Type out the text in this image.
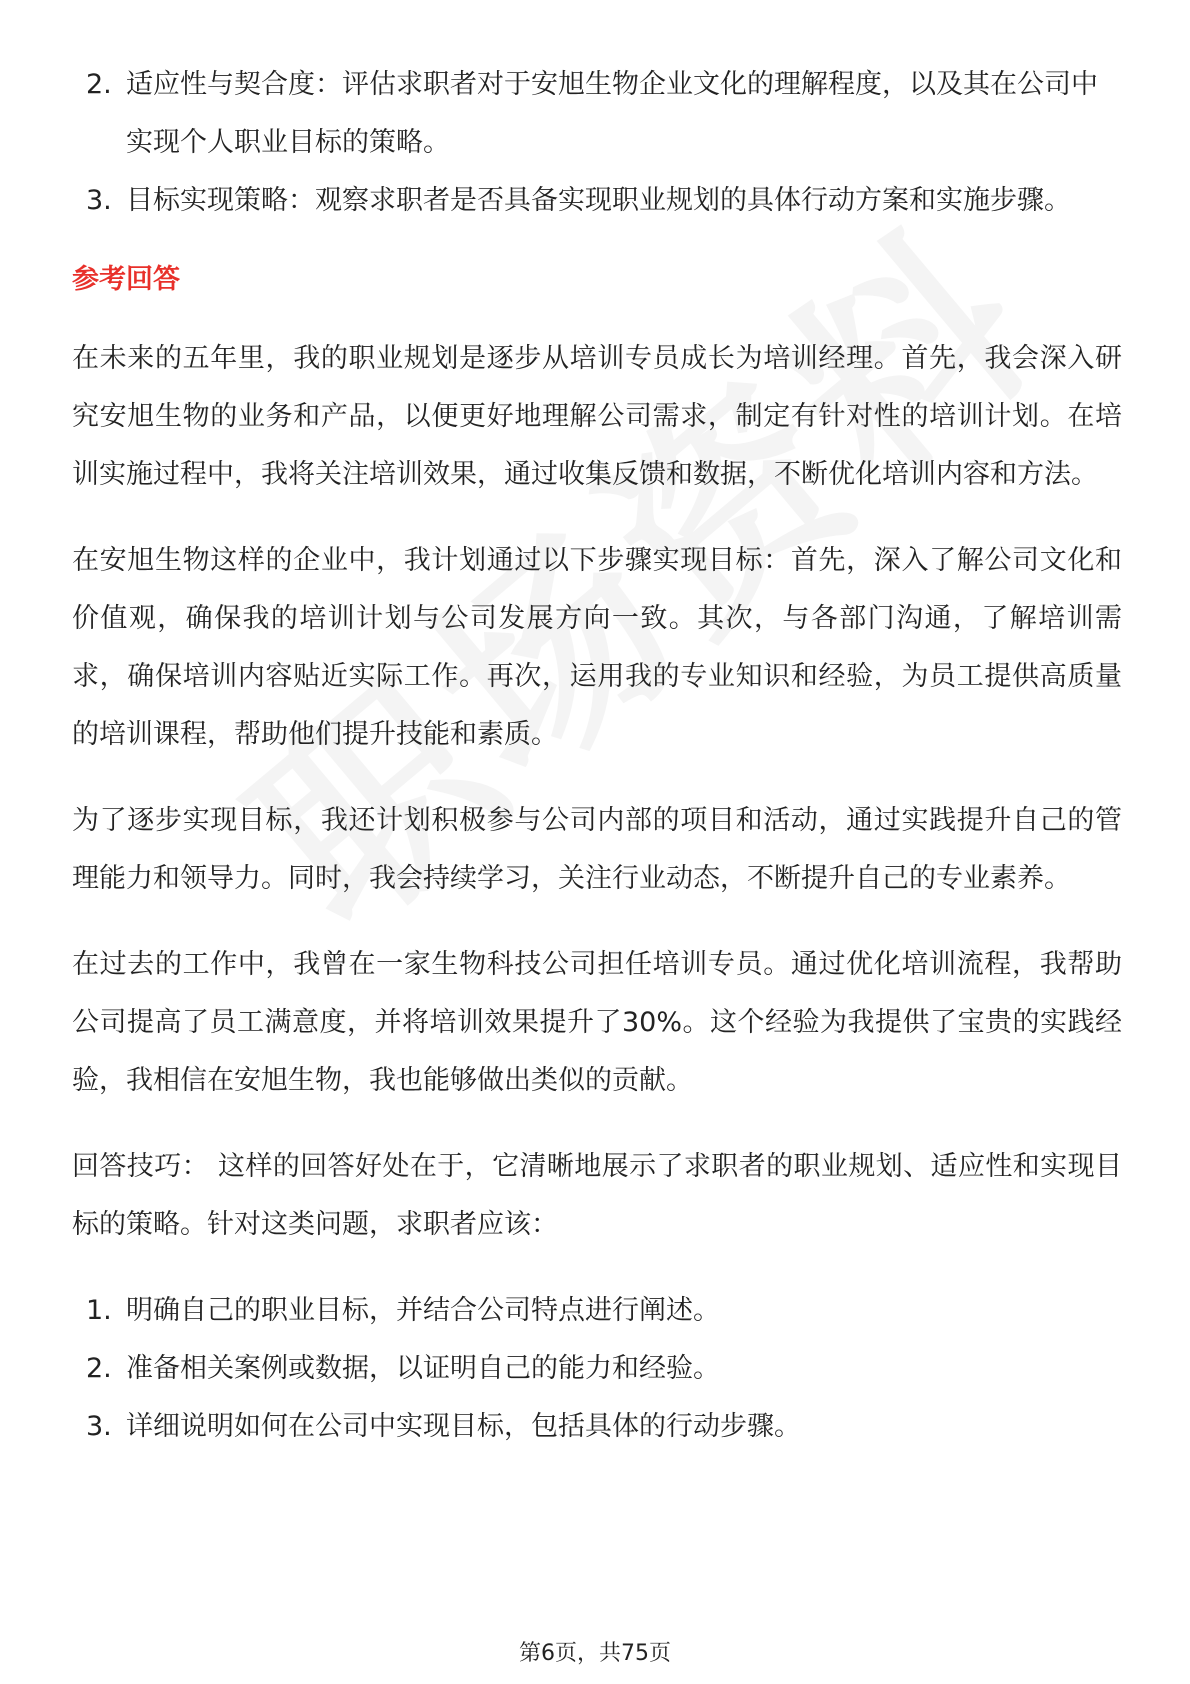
2. 适应性与契合度：评估求职者对于安旭生物企业文化的理解程度，以及其在公司中实现个人职业目标的策略。
3. 目标实现策略：观察求职者是否具备实现职业规划的具体行动方案和实施步骤。
参考回答

在未来的五年里，我的职业规划是逐步从培训专员成长为培训经理。首先，我会深入研究安旭生物的业务和产品，以便更好地理解公司需求，制定有针对性的培训计划。在培训实施过程中，我将关注培训效果，通过收集反馈和数据，不断优化培训内容和方法。

在安旭生物这样的企业中，我计划通过以下步骤实现目标：首先，深入了解公司文化和价值观，确保我的培训计划与公司发展方向一致。其次，与各部门沟通，了解培训需求，确保培训内容贴近实际工作。再次，运用我的专业知识和经验，为员工提供高质量的培训课程，帮助他们提升技能和素质。

为了逐步实现目标，我还计划积极参与公司内部的项目和活动，通过实践提升自己的管理能力和领导力。同时，我会持续学习，关注行业动态，不断提升自己的专业素养。

在过去的工作中，我曾在一家生物科技公司担任培训专员。通过优化培训流程，我帮助公司提高了员工满意度，并将培训效果提升了30%。这个经验为我提供了宝贵的实践经验，我相信在安旭生物，我也能够做出类似的贡献。

回答技巧： 这样的回答好处在于，它清晰地展示了求职者的职业规划、适应性和实现目标的策略。针对这类问题，求职者应该：

1. 明确自己的职业目标，并结合公司特点进行阐述。
2. 准备相关案例或数据，以证明自己的能力和经验。
3. 详细说明如何在公司中实现目标，包括具体的行动步骤。
第6页，共75页
